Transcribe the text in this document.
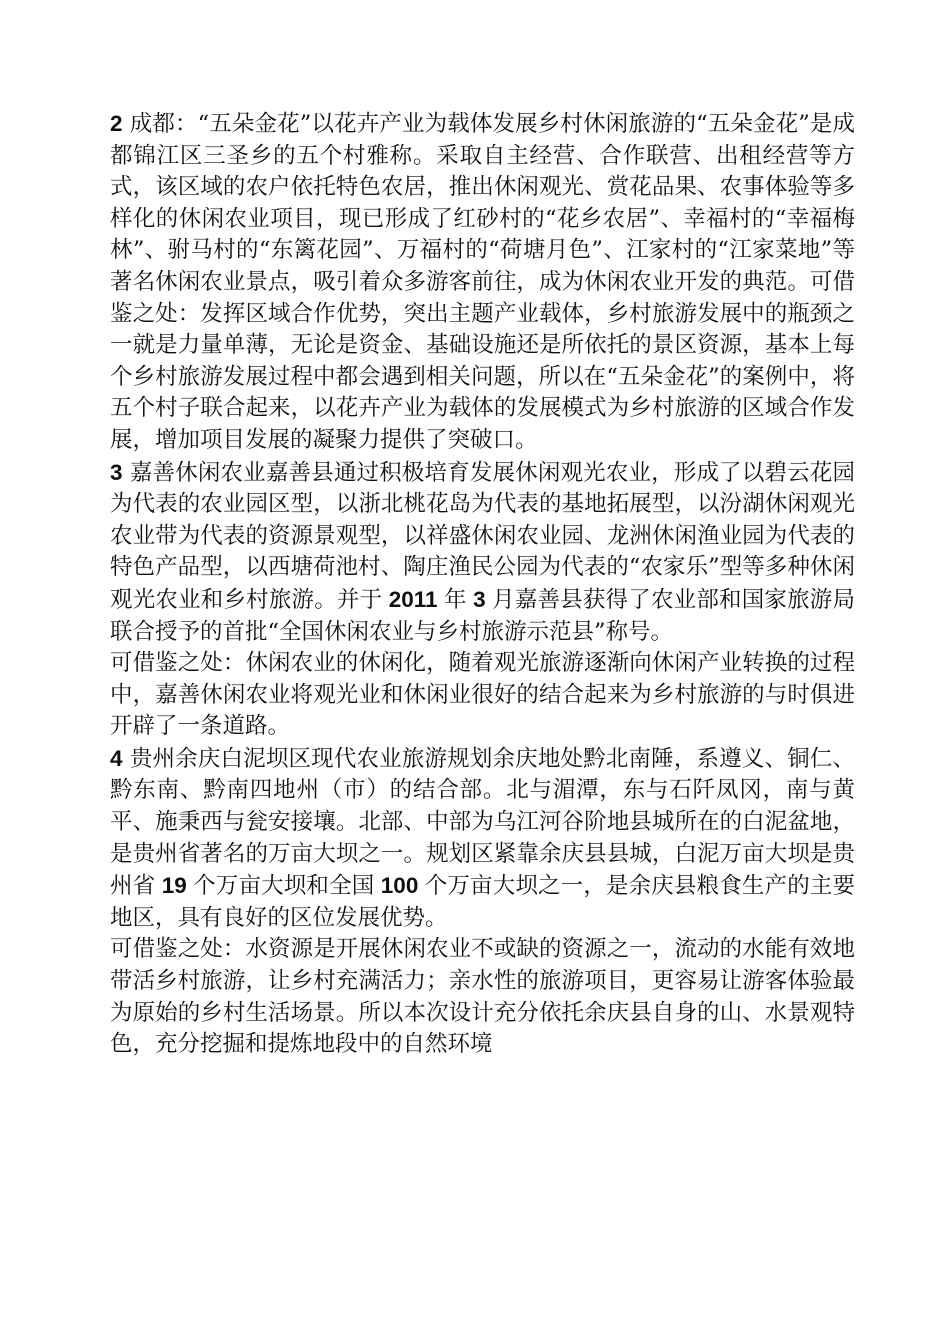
2 成都：“五朵金花”以花卉产业为载体发展乡村休闲旅游的“五朵金花”是成都锦江区三圣乡的五个村雅称。采取自主经营、合作联营、出租经营等方式，该区域的农户依托特色农居，推出休闲观光、赏花品果、农事体验等多样化的休闲农业项目，现已形成了红砂村的“花乡农居”、幸福村的“幸福梅林”、驸马村的“东篱花园”、万福村的“荷塘月色”、江家村的“江家菜地”等著名休闲农业景点，吸引着众多游客前往，成为休闲农业开发的典范。可借鉴之处：发挥区域合作优势，突出主题产业载体，乡村旅游发展中的瓶颈之一就是力量单薄，无论是资金、基础设施还是所依托的景区资源，基本上每个乡村旅游发展过程中都会遇到相关问题，所以在“五朵金花”的案例中，将五个村子联合起来，以花卉产业为载体的发展模式为乡村旅游的区域合作发展，增加项目发展的凝聚力提供了突破口。

3 嘉善休闲农业嘉善县通过积极培育发展休闲观光农业，形成了以碧云花园为代表的农业园区型，以浙北桃花岛为代表的基地拓展型，以汾湖休闲观光农业带为代表的资源景观型，以祥盛休闲农业园、龙洲休闲渔业园为代表的特色产品型，以西塘荷池村、陶庄渔民公园为代表的“农家乐”型等多种休闲观光农业和乡村旅游。并于 2011 年 3 月嘉善县获得了农业部和国家旅游局联合授予的首批“全国休闲农业与乡村旅游示范县”称号。

可借鉴之处：休闲农业的休闲化，随着观光旅游逐渐向休闲产业转换的过程中，嘉善休闲农业将观光业和休闲业很好的结合起来为乡村旅游的与时俱进开辟了一条道路。

4 贵州余庆白泥坝区现代农业旅游规划余庆地处黔北南陲，系遵义、铜仁、黔东南、黔南四地州（市）的结合部。北与湄潭，东与石阡凤冈，南与黄平、施秉西与瓮安接壤。北部、中部为乌江河谷阶地县城所在的白泥盆地，是贵州省著名的万亩大坝之一。规划区紧靠余庆县县城，白泥万亩大坝是贵州省 19 个万亩大坝和全国 100 个万亩大坝之一，是余庆县粮食生产的主要地区，具有良好的区位发展优势。

可借鉴之处：水资源是开展休闲农业不或缺的资源之一，流动的水能有效地带活乡村旅游，让乡村充满活力；亲水性的旅游项目，更容易让游客体验最为原始的乡村生活场景。所以本次设计充分依托余庆县自身的山、水景观特色，充分挖掘和提炼地段中的自然环境
